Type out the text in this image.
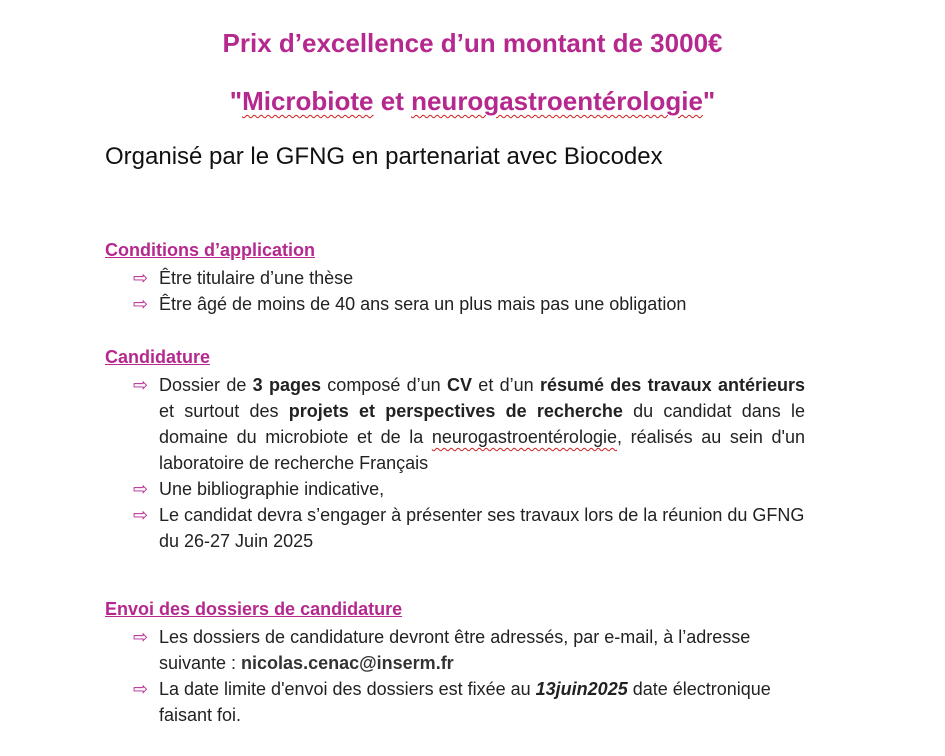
Prix d’excellence d’un montant de 3000€
"Microbiote et neurogastroentérologie"

Organisé par le GFNG en partenariat avec Biocodex

Conditions d’application
⇨ Être titulaire d’une thèse
⇨ Être âgé de moins de 40 ans sera un plus mais pas une obligation
Candidature
⇨ Dossier de 3 pages composé d’un CV et d’un résumé des travaux antérieurs et surtout des projets et perspectives de recherche du candidat dans le domaine du microbiote et de la neurogastroentérologie, réalisés au sein d'un laboratoire de recherche Français
⇨ Une bibliographie indicative,
⇨ Le candidat devra s’engager à présenter ses travaux lors de la réunion du GFNG du 26-27 Juin 2025
Envoi des dossiers de candidature
⇨ Les dossiers de candidature devront être adressés, par e-mail, à l’adresse suivante : nicolas.cenac@inserm.fr
⇨ La date limite d'envoi des dossiers est fixée au 13juin2025 date électronique faisant foi.
